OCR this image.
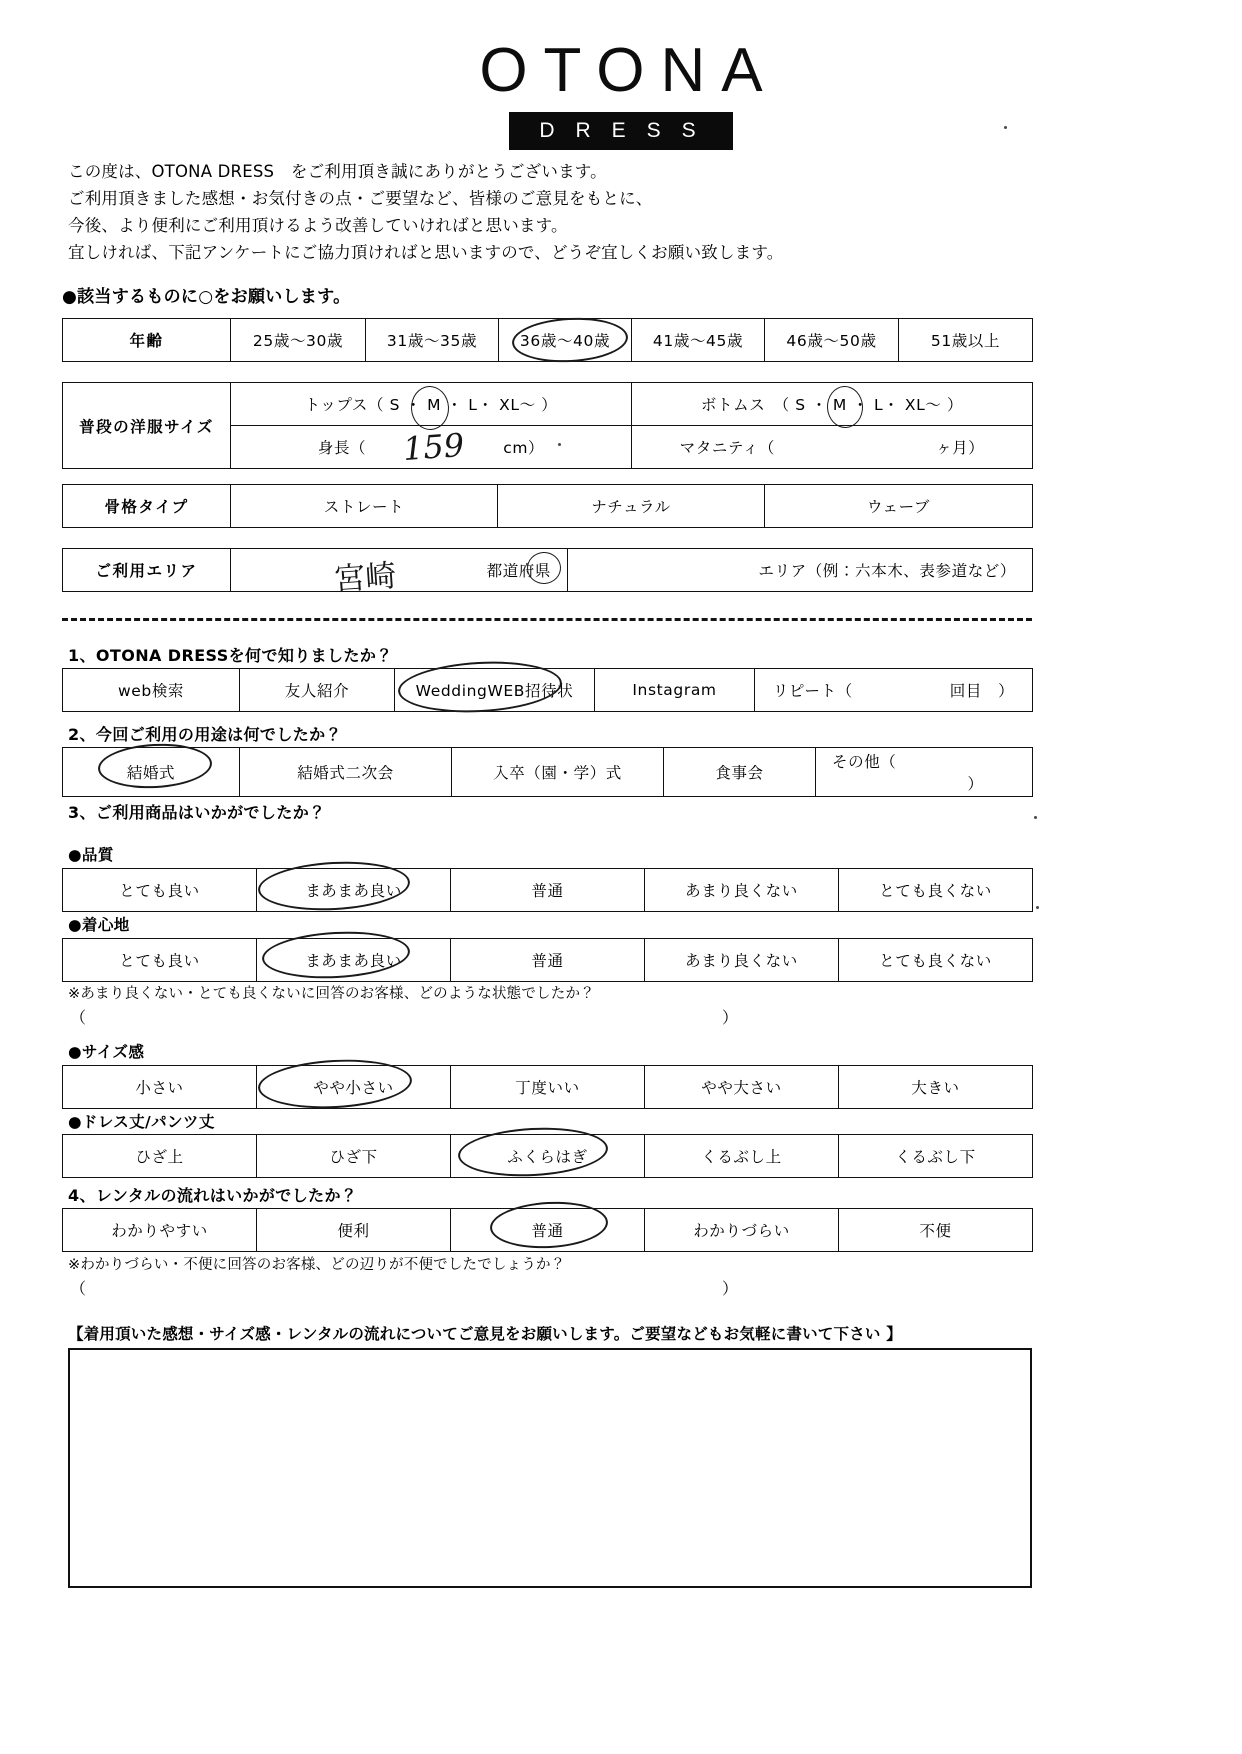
OTONA
DRESS
この度は、OTONA DRESS　をご利用頂き誠にありがとうございます。
ご利用頂きました感想・お気付きの点・ご要望など、皆様のご意見をもとに、
今後、より便利にご利用頂けるよう改善していければと思います。
宜しければ、下記アンケートにご協力頂ければと思いますので、どうぞ宜しくお願い致します。
●該当するものに○をお願いします。
年齢	25歳～30歳	31歳～35歳	36歳～40歳	41歳～45歳	46歳～50歳	51歳以上
普段の洋服サイズ	トップス（ S ・ M ・ L・ XL～ ）	ボトムス　（ S ・ M ・ L・ XL～ ）
	身長（ cm）	マタニティ（ ヶ月）
159
骨格タイプ	ストレート	ナチュラル	ウェーブ
ご利用エリア	都道府県	エリア（例：六本木、表参道など）
宮崎
1、OTONA DRESSを何で知りましたか？
web検索	友人紹介	WeddingWEB招待状	Instagram	リピート（	回目　）
2、今回ご利用の用途は何でしたか？
結婚式	結婚式二次会	入卒（園・学）式	食事会	その他（  ）
3、ご利用商品はいかがでしたか？
●品質
とても良い	まあまあ良い	普通	あまり良くない	とても良くない
●着心地
とても良い	まあまあ良い	普通	あまり良くない	とても良くない
※あまり良くない・とても良くないに回答のお客様、どのような状態でしたか？
（	）
●サイズ感
小さい	やや小さい	丁度いい	やや大さい	大きい
●ドレス丈/パンツ丈
ひざ上	ひざ下	ふくらはぎ	くるぶし上	くるぶし下
4、レンタルの流れはいかがでしたか？
わかりやすい	便利	普通	わかりづらい	不便
※わかりづらい・不便に回答のお客様、どの辺りが不便でしたでしょうか？
（	）
【着用頂いた感想・サイズ感・レンタルの流れについてご意見をお願いします。ご要望などもお気軽に書いて下さい 】
